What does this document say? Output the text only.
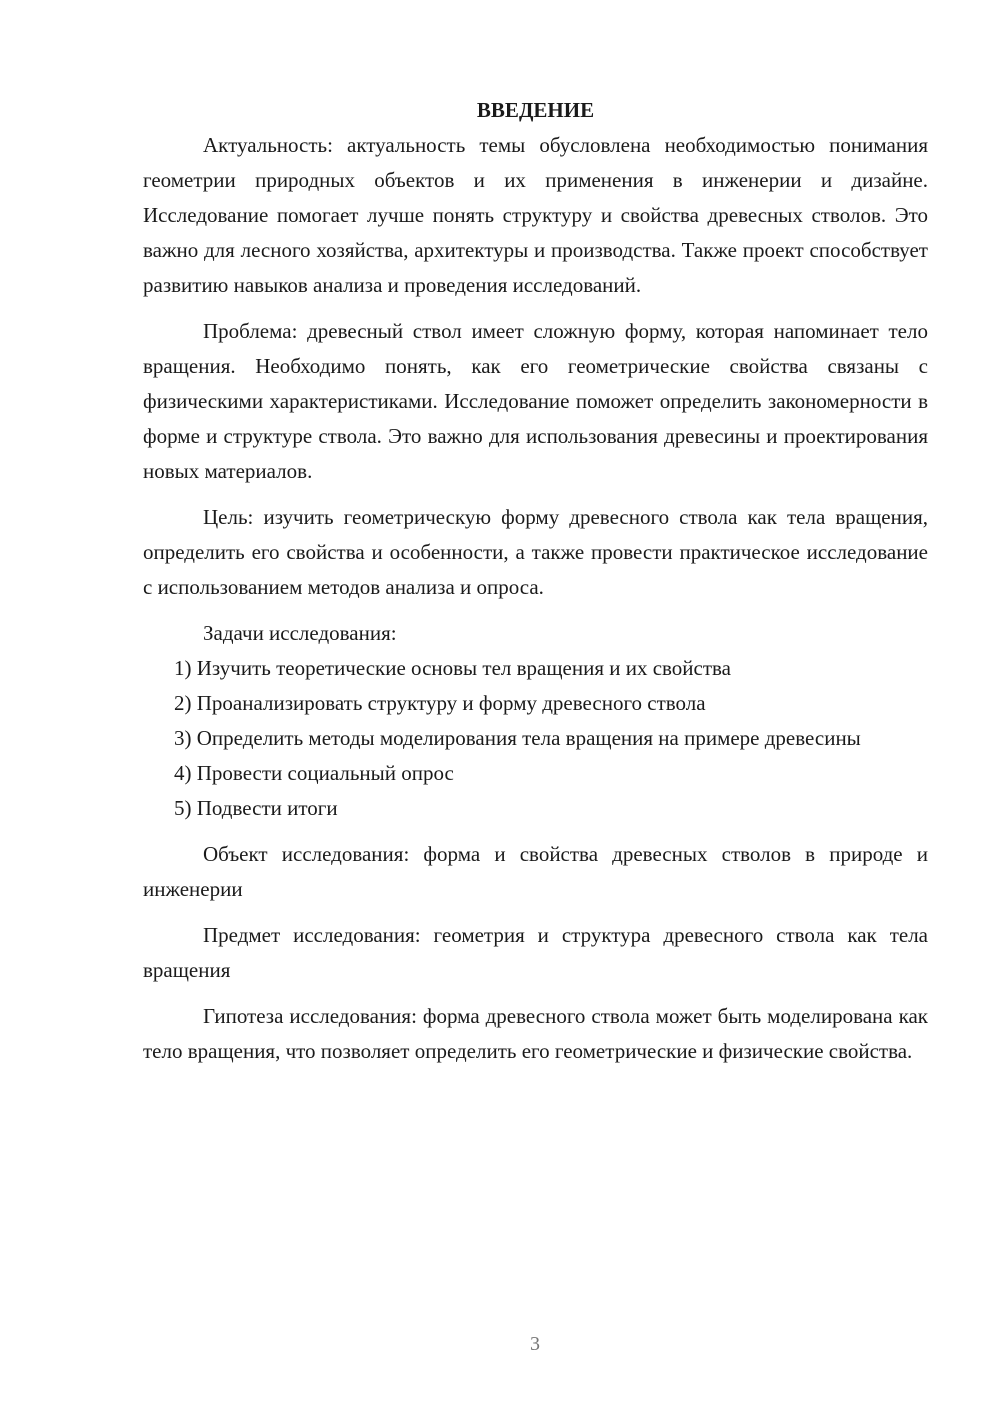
ВВЕДЕНИЕ

Актуальность: актуальность темы обусловлена необходимостью понимания геометрии природных объектов и их применения в инженерии и дизайне. Исследование помогает лучше понять структуру и свойства древесных стволов. Это важно для лесного хозяйства, архитектуры и производства. Также проект способствует развитию навыков анализа и проведения исследований.

Проблема: древесный ствол имеет сложную форму, которая напоминает тело вращения. Необходимо понять, как его геометрические свойства связаны с физическими характеристиками. Исследование поможет определить закономерности в форме и структуре ствола. Это важно для использования древесины и проектирования новых материалов.

Цель: изучить геометрическую форму древесного ствола как тела вращения, определить его свойства и особенности, а также провести практическое исследование с использованием методов анализа и опроса.

Задачи исследования:

1) Изучить теоретические основы тел вращения и их свойства

2) Проанализировать структуру и форму древесного ствола

3) Определить методы моделирования тела вращения на примере древесины

4) Провести социальный опрос

5) Подвести итоги

Объект исследования: форма и свойства древесных стволов в природе и инженерии

Предмет исследования: геометрия и структура древесного ствола как тела вращения

Гипотеза исследования: форма древесного ствола может быть моделирована как тело вращения, что позволяет определить его геометрические и физические свойства.

3
